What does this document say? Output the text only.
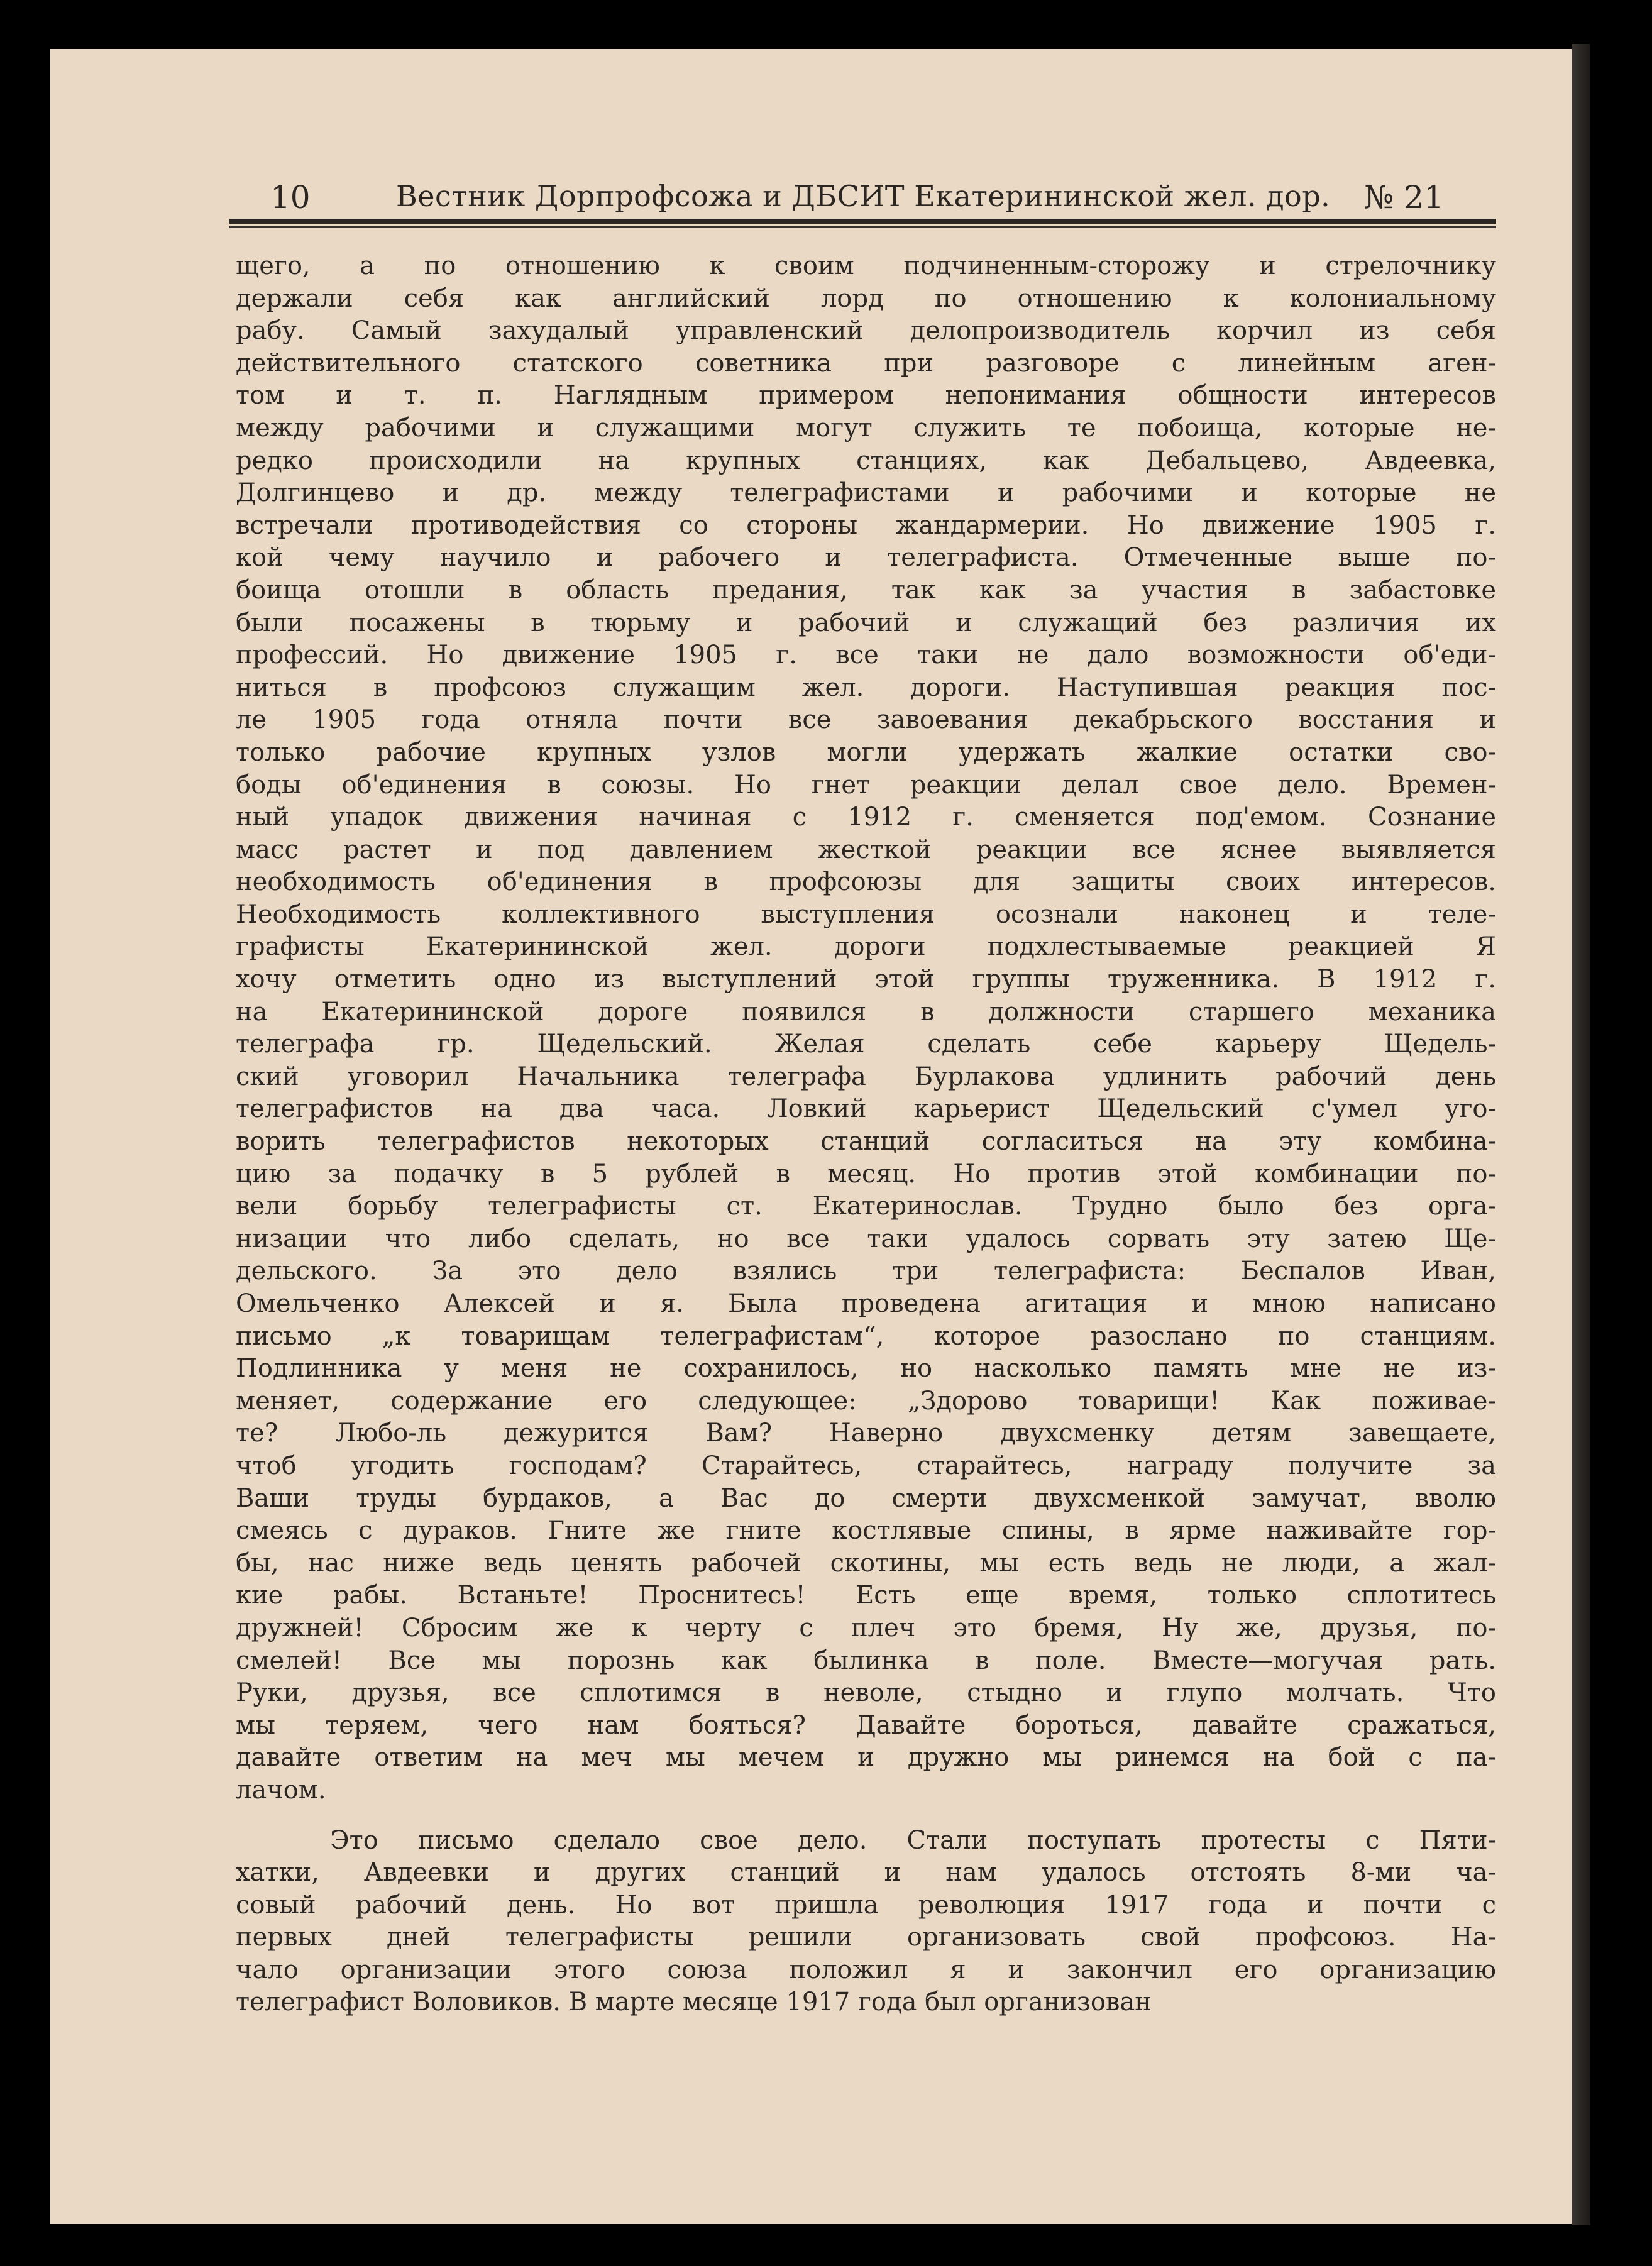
10	Вестник Дорпрофсожа и ДБСИТ Екатерининской жел. дор. № 21
щего, а по отношению к своим подчиненным-сторожу и стрелочнику
держали себя как английский лорд по отношению к колониальному
рабу. Самый захудалый управленский делопроизводитель корчил из себя
действительного статского советника при разговоре с линейным аген-
том и т. п. Наглядным примером непонимания общности интересов
между рабочими и служащими могут служить те побоища, которые не-
редко происходили на крупных станциях, как Дебальцево, Авдеевка,
Долгинцево и др. между телеграфистами и рабочими и которые не
встречали противодействия со стороны жандармерии. Но движение 1905 г.
кой чему научило и рабочего и телеграфиста. Отмеченные выше по-
боища отошли в область предания, так как за участия в забастовке
были посажены в тюрьму и рабочий и служащий без различия их
профессий. Но движение 1905 г. все таки не дало возможности об'еди-
ниться в профсоюз служащим жел. дороги. Наступившая реакция пос-
ле 1905 года отняла почти все завоевания декабрьского восстания и
только рабочие крупных узлов могли удержать жалкие остатки сво-
боды об'единения в союзы. Но гнет реакции делал свое дело. Времен-
ный упадок движения начиная с 1912 г. сменяется под'емом. Сознание
масс растет и под давлением жесткой реакции все яснее выявляется
необходимость об'единения в профсоюзы для защиты своих интересов.
Необходимость коллективного выступления осознали наконец и теле-
графисты Екатерининской жел. дороги подхлестываемые реакцией Я
хочу отметить одно из выступлений этой группы труженника. В 1912 г.
на Екатерининской дороге появился в должности старшего механика
телеграфа гр. Щедельский. Желая сделать себе карьеру Щедель-
ский уговорил Начальника телеграфа Бурлакова удлинить рабочий день
телеграфистов на два часа. Ловкий карьерист Щедельский с'умел уго-
ворить телеграфистов некоторых станций согласиться на эту комбина-
цию за подачку в 5 рублей в месяц. Но против этой комбинации по-
вели борьбу телеграфисты ст. Екатеринослав. Трудно было без орга-
низации что либо сделать, но все таки удалось сорвать эту затею Ще-
дельского. За это дело взялись три телеграфиста: Беспалов Иван,
Омельченко Алексей и я. Была проведена агитация и мною написано
письмо „к товарищам телеграфистам“, которое разослано по станциям.
Подлинника у меня не сохранилось, но насколько память мне не из-
меняет, содержание его следующее: „Здорово товарищи! Как поживае-
те? Любо-ль дежурится Вам? Наверно двухсменку детям завещаете,
чтоб угодить господам? Старайтесь, старайтесь, награду получите за
Ваши труды бурдаков, а Вас до смерти двухсменкой замучат, вволю
смеясь с дураков. Гните же гните костлявые спины, в ярме наживайте гор-
бы, нас ниже ведь ценять рабочей скотины, мы есть ведь не люди, а жал-
кие рабы. Встаньте! Проснитесь! Есть еще время, только сплотитесь
дружней! Сбросим же к черту с плеч это бремя, Ну же, друзья, по-
смелей! Все мы порознь как былинка в поле. Вместе—могучая рать.
Руки, друзья, все сплотимся в неволе, стыдно и глупо молчать. Что
мы теряем, чего нам бояться? Давайте бороться, давайте сражаться,
давайте ответим на меч мы мечем и дружно мы ринемся на бой с па-
лачом.
Это письмо сделало свое дело. Стали поступать протесты с Пяти-
хатки, Авдеевки и других станций и нам удалось отстоять 8-ми ча-
совый рабочий день. Но вот пришла революция 1917 года и почти с
первых дней телеграфисты решили организовать свой профсоюз. На-
чало организации этого союза положил я и закончил его организацию
телеграфист Воловиков. В марте месяце 1917 года был организован
